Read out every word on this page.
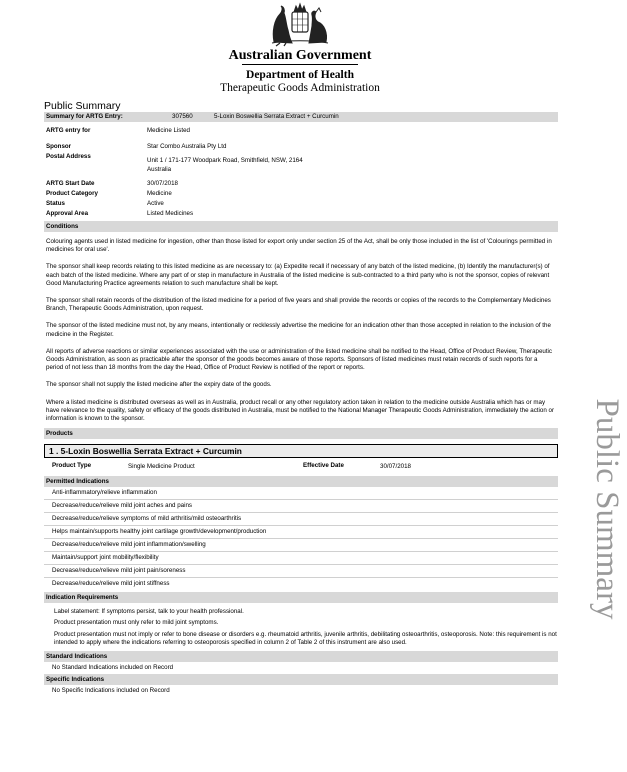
Australian Government
Department of Health
Therapeutic Goods Administration
Public Summary
Public Summary
Summary for ARTG Entry:	307560	5-Loxin Boswellia Serrata Extract + Curcumin
ARTG entry for	Medicine Listed
Sponsor	Star Combo Australia Pty Ltd
Postal Address
Unit 1 / 171-177 Woodpark Road, Smithfield, NSW, 2164
Australia
ARTG Start Date	30/07/2018
Product Category	Medicine
Status	Active
Approval Area	Listed Medicines
Conditions
Colouring agents used in listed medicine for ingestion, other than those listed for export only under section 25 of the Act, shall be only those included in the list of 'Colourings permitted in medicines for oral use'.
The sponsor shall keep records relating to this listed medicine as are necessary to: (a) Expedite recall if necessary of any batch of the listed medicine, (b) Identify the manufacturer(s) of each batch of the listed medicine. Where any part of or step in manufacture in Australia of the listed medicine is sub-contracted to a third party who is not the sponsor, copies of relevant Good Manufacturing Practice agreements relation to such manufacture shall be kept.
The sponsor shall retain records of the distribution of the listed medicine for a period of five years and shall provide the records or copies of the records to the Complementary Medicines Branch, Therapeutic Goods Administration, upon request.
The sponsor of the listed medicine must not, by any means, intentionally or recklessly advertise the medicine for an indication other than those accepted in relation to the inclusion of the medicine in the Register.
All reports of adverse reactions or similar experiences associated with the use or administration of the listed medicine shall be notified to the Head, Office of Product Review, Therapeutic Goods Administration, as soon as practicable after the sponsor of the goods becomes aware of those reports. Sponsors of listed medicines must retain records of such reports for a period of not less than 18 months from the day the Head, Office of Product Review is notified of the report or reports.
The sponsor shall not supply the listed medicine after the expiry date of the goods.
Where a listed medicine is distributed overseas as well as in Australia, product recall or any other regulatory action taken in relation to the medicine outside Australia which has or may have relevance to the quality, safety or efficacy of the goods distributed in Australia, must be notified to the National Manager Therapeutic Goods Administration, immediately the action or information is known to the sponsor.
Products
1 . 5-Loxin Boswellia Serrata Extract + Curcumin
Product Type	Single Medicine Product	Effective Date	30/07/2018
Permitted Indications
Anti-inflammatory/relieve inflammation
Decrease/reduce/relieve mild joint aches and pains
Decrease/reduce/relieve symptoms of mild arthritis/mild osteoarthritis
Helps maintain/supports healthy joint cartilage growth/development/production
Decrease/reduce/relieve mild joint inflammation/swelling
Maintain/support joint mobility/flexibility
Decrease/reduce/relieve mild joint pain/soreness
Decrease/reduce/relieve mild joint stiffness
Indication Requirements
Label statement: If symptoms persist, talk to your health professional.
Product presentation must only refer to mild joint symptoms.
Product presentation must not imply or refer to bone disease or disorders e.g. rheumatoid arthritis, juvenile arthritis, debilitating osteoarthritis, osteoporosis. Note: this requirement is not intended to apply where the indications referring to osteoporosis specified in column 2 of Table 2 of this instrument are also used.
Standard Indications
No Standard Indications included on Record
Specific Indications
No Specific Indications included on Record
